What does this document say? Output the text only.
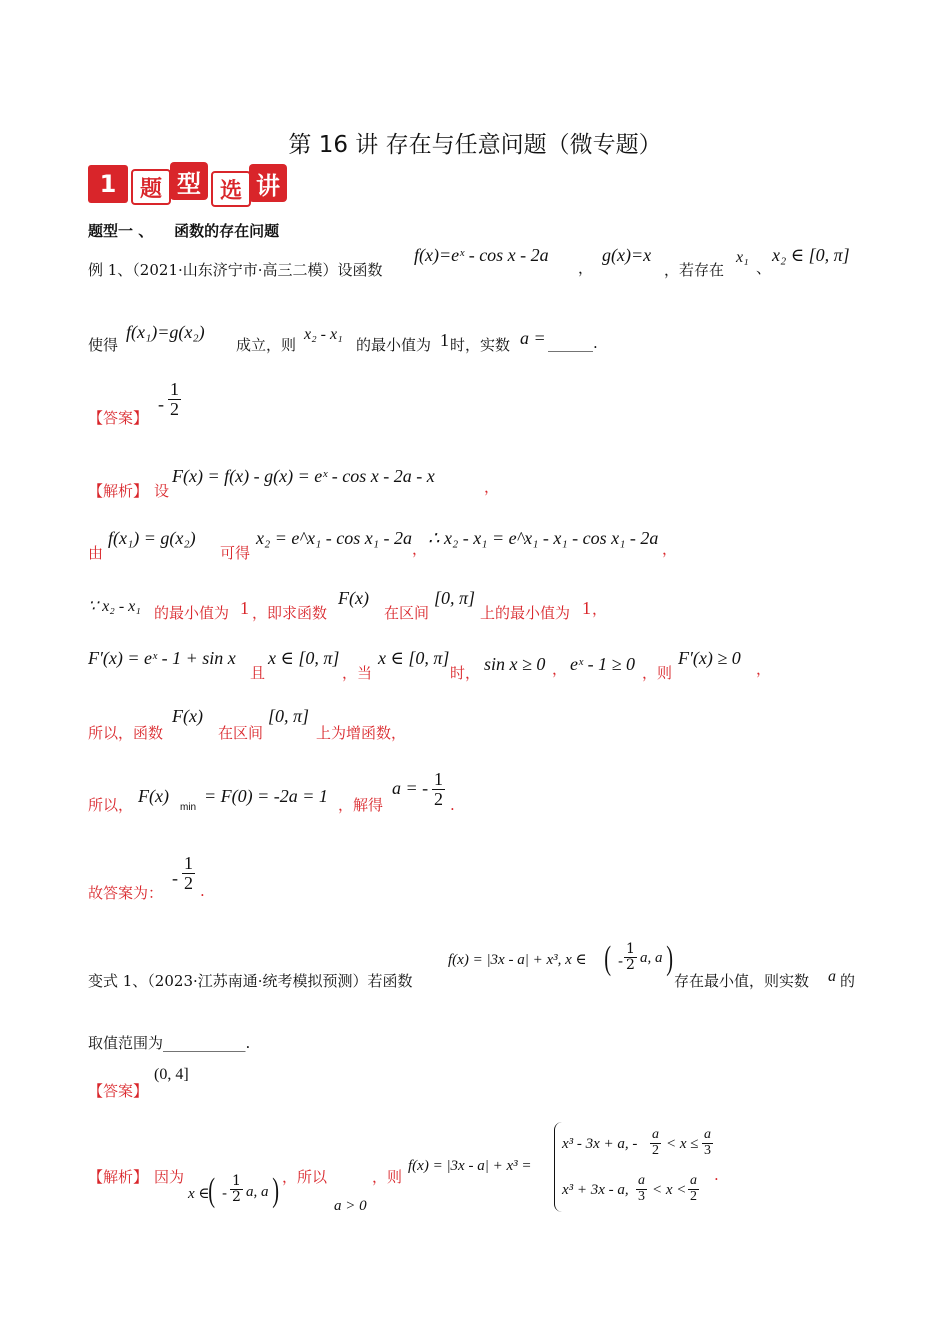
第 16 讲 存在与任意问题（微专题）
1	题 型 选 讲
题型一 、    函数的存在问题
例 1、（2021·山东济宁市·高三二模）设函数
f(x)=eˣ - cos x - 2a
，
g(x)=x
，若存在
x₁
、
x₂ ∈ [0, π]
使得
f(x₁)=g(x₂)
成立，则
x₂ - x₁
的最小值为 1 时，实数 a = ______.
【答案】
- $\frac{1}{2}$
【解析】 设
F(x) = f(x) - g(x) = eˣ - cos x - 2a - x
，
由
f(x₁) = g(x₂)
可得
x₂ = e^x₁ - cos x₁ - 2a
，
∴ x₂ - x₁ = e^x₁ - x₁ - cos x₁ - 2a
，
∵ x₂ - x₁ 的最小值为 1 ，即求函数
F(x)
在区间
[0, π]
上的最小值为 1 ，
F′(x) = eˣ - 1 + sin x
且
x ∈ [0, π]
，当
x ∈ [0, π]
时， sin x ≥ 0 ， eˣ - 1 ≥ 0 ，则
F′(x) ≥ 0
，
所以，函数
F(x)
在区间
[0, π]
上为增函数，
所以， F(x)
min
= F(0) = -2a = 1 ，解得
a = - $\frac{1}{2}$ .
故答案为：
- $\frac{1}{2}$ .
变式 1、（2023·江苏南通·统考模拟预测）若函数
f(x) = |3x - a| + x³, x ∈ ( - $\frac{1}{2} a$, a )
存在最小值，则实数 a 的
取值范围为___________.
【答案】
(0, 4]
【解析】 因为
x ∈
( - $\frac{1}{2} a$, a ) ，所以
a > 0
，则
f(x) = |3x - a| + x³ =
x³ - 3x + a, - $\frac{a}{2} < x \le \frac{a}{3}$
x³ + 3x - a, $\frac{a}{3} < x < \frac{a}{2}$ .
